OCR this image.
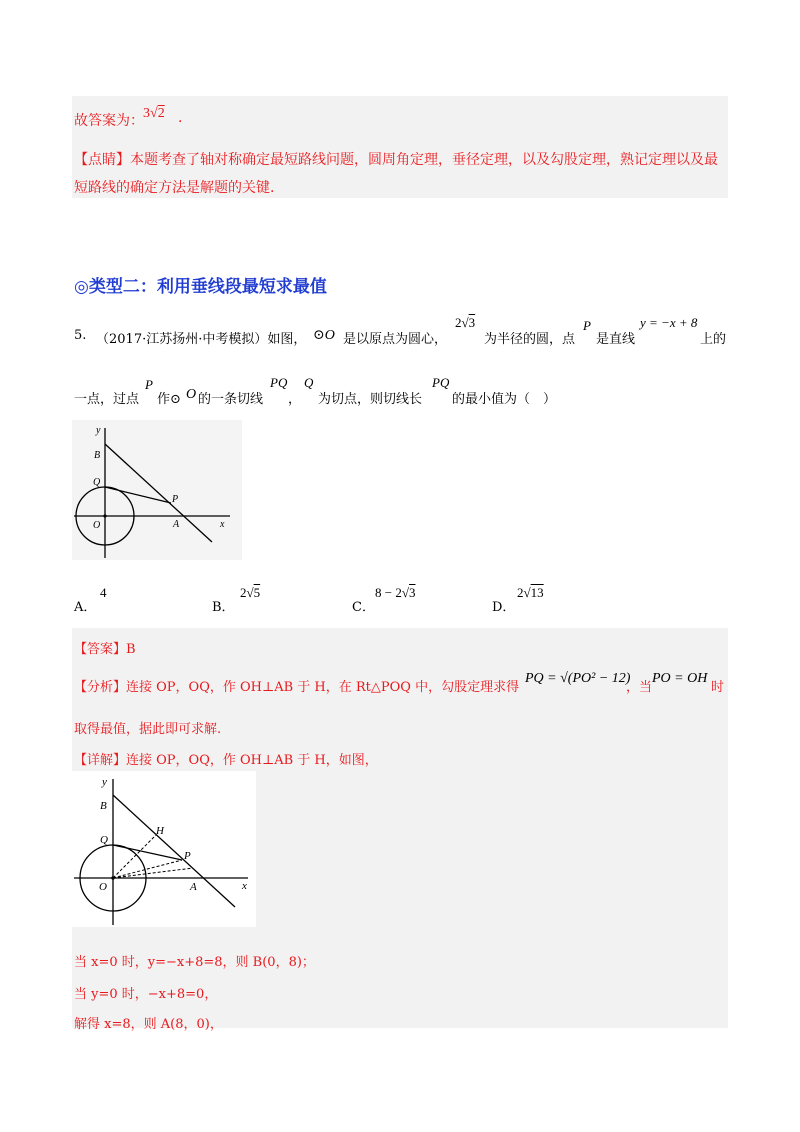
故答案为： 3√2 .
【点睛】本题考查了轴对称确定最短路线问题，圆周角定理，垂径定理，以及勾股定理，熟记定理以及最
短路线的确定方法是解题的关键.
◎类型二：利用垂线段最短求最值
5. （2017·江苏扬州·中考模拟）如图， ⊙O 是以原点为圆心，
2√3
为半径的圆，点
P
是直线
y = −x + 8
上的
一点，过点
P
作⊙ O 的一条切线
PQ
，
Q
为切点，则切线长
PQ
的最小值为（　）
y
B
Q
P
O	A	x
A．
4
B．
2√5
C．
8 − 2√3
D．
2√13
【答案】B
【分析】连接 OP，OQ，作 OH⊥AB 于 H，在 Rt△POQ 中，勾股定理求得
PQ = √(PO² − 12)
，当
PO = OH
时
取得最值，据此即可求解.
【详解】连接 OP，OQ，作 OH⊥AB 于 H，如图，
y
B
Q
H
P
O	A	x
当 x=0 时，y=−x+8=8，则 B(0，8)；
当 y=0 时，−x+8=0，
解得 x=8，则 A(8，0)，
